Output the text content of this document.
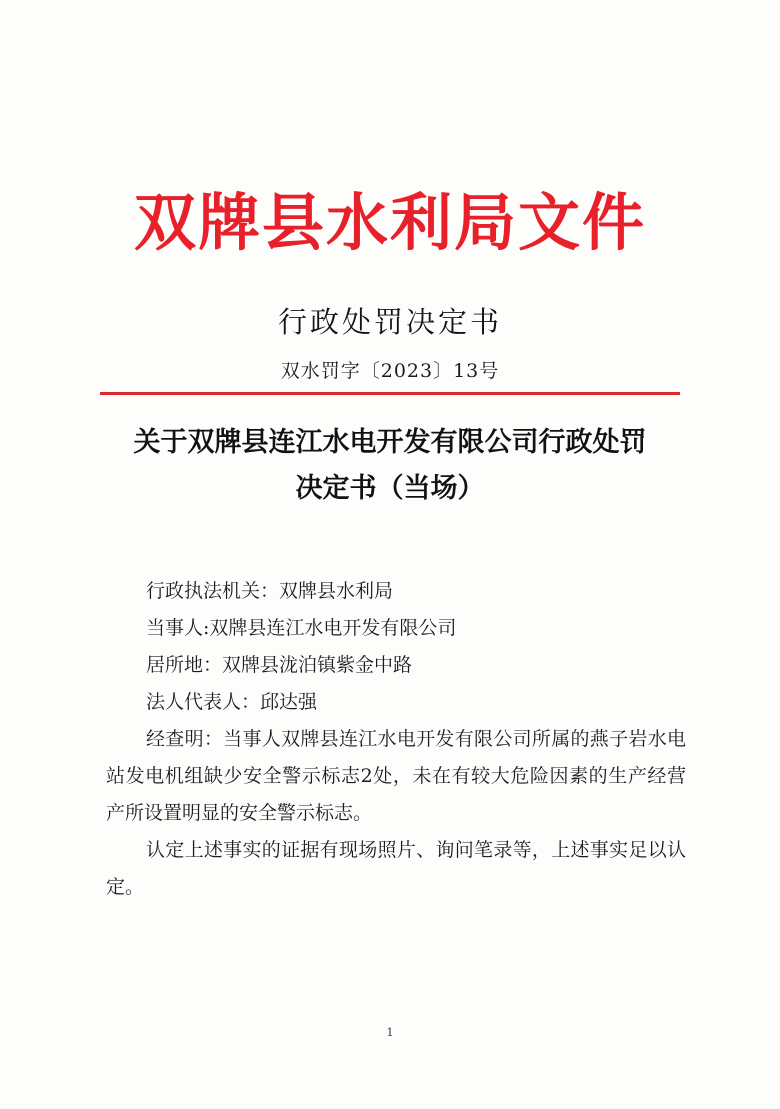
双牌县水利局文件
行政处罚决定书
双水罚字〔2023〕13号
关于双牌县连江水电开发有限公司行政处罚
决定书（当场）

行政执法机关：双牌县水利局

当事人:双牌县连江水电开发有限公司

居所地：双牌县泷泊镇紫金中路

法人代表人：邱达强

经查明：当事人双牌县连江水电开发有限公司所属的燕子岩水电站发电机组缺少安全警示标志2处，未在有较大危险因素的生产经营产所设置明显的安全警示标志。

认定上述事实的证据有现场照片、询问笔录等，上述事实足以认定。

1
